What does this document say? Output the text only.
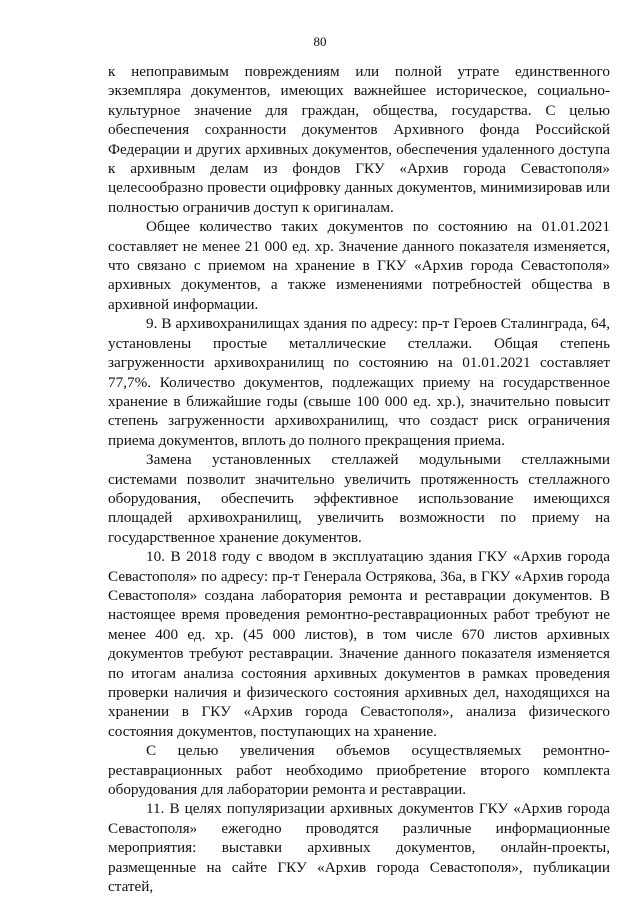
80

к непоправимым повреждениям или полной утрате единственного экземпляра документов, имеющих важнейшее историческое, социально-культурное значение для граждан, общества, государства. С целью обеспечения сохранности документов Архивного фонда Российской Федерации и других архивных документов, обеспечения удаленного доступа к архивным делам из фондов ГКУ «Архив города Севастополя» целесообразно провести оцифровку данных документов, минимизировав или полностью ограничив доступ к оригиналам.

Общее количество таких документов по состоянию на 01.01.2021 составляет не менее 21 000 ед. хр. Значение данного показателя изменяется, что связано с приемом на хранение в ГКУ «Архив города Севастополя» архивных документов, а также изменениями потребностей общества в архивной информации.

9. В архивохранилищах здания по адресу: пр-т Героев Сталинграда, 64, установлены простые металлические стеллажи. Общая степень загруженности архивохранилищ по состоянию на 01.01.2021 составляет 77,7%. Количество документов, подлежащих приему на государственное хранение в ближайшие годы (свыше 100 000 ед. хр.), значительно повысит степень загруженности архивохранилищ, что создаст риск ограничения приема документов, вплоть до полного прекращения приема.

Замена установленных стеллажей модульными стеллажными системами позволит значительно увеличить протяженность стеллажного оборудования, обеспечить эффективное использование имеющихся площадей архивохранилищ, увеличить возможности по приему на государственное хранение документов.

10. В 2018 году с вводом в эксплуатацию здания ГКУ «Архив города Севастополя» по адресу: пр-т Генерала Острякова, 36а, в ГКУ «Архив города Севастополя» создана лаборатория ремонта и реставрации документов. В настоящее время проведения ремонтно-реставрационных работ требуют не менее 400 ед. хр. (45 000 листов), в том числе 670 листов архивных документов требуют реставрации. Значение данного показателя изменяется по итогам анализа состояния архивных документов в рамках проведения проверки наличия и физического состояния архивных дел, находящихся на хранении в ГКУ «Архив города Севастополя», анализа физического состояния документов, поступающих на хранение.

С целью увеличения объемов осуществляемых ремонтно-реставрационных работ необходимо приобретение второго комплекта оборудования для лаборатории ремонта и реставрации.

11. В целях популяризации архивных документов ГКУ «Архив города Севастополя» ежегодно проводятся различные информационные мероприятия: выставки архивных документов, онлайн-проекты, размещенные на сайте ГКУ «Архив города Севастополя», публикации статей,
